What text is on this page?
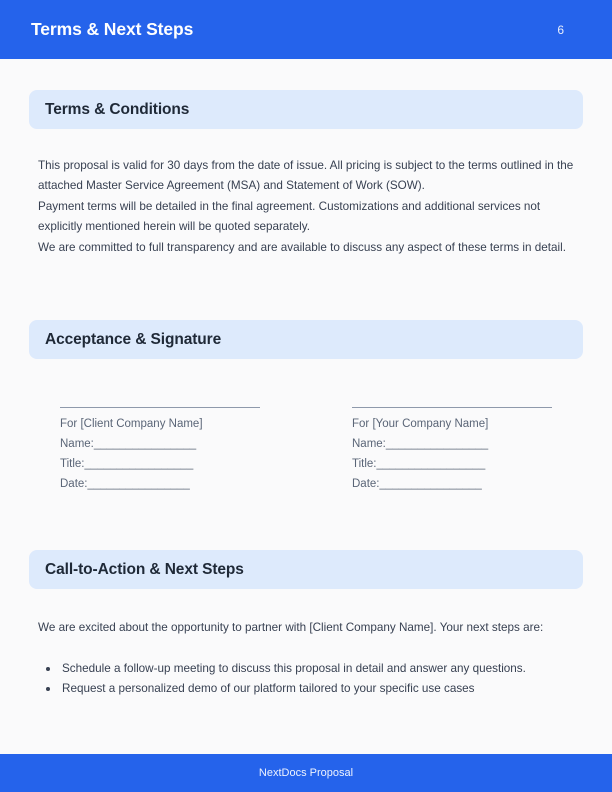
Terms & Next Steps	6
Terms & Conditions

This proposal is valid for 30 days from the date of issue. All pricing is subject to the terms outlined in the attached Master Service Agreement (MSA) and Statement of Work (SOW).

Payment terms will be detailed in the final agreement. Customizations and additional services not explicitly mentioned herein will be quoted separately.

We are committed to full transparency and are available to discuss any aspect of these terms in detail.

Acceptance & Signature
For [Client Company Name]
Name:________________
Title:_________________
Date:________________
For [Your Company Name]
Name:________________
Title:_________________
Date:________________
Call-to-Action & Next Steps

We are excited about the opportunity to partner with [Client Company Name]. Your next steps are:

Schedule a follow-up meeting to discuss this proposal in detail and answer any questions.
Request a personalized demo of our platform tailored to your specific use cases
NextDocs Proposal
